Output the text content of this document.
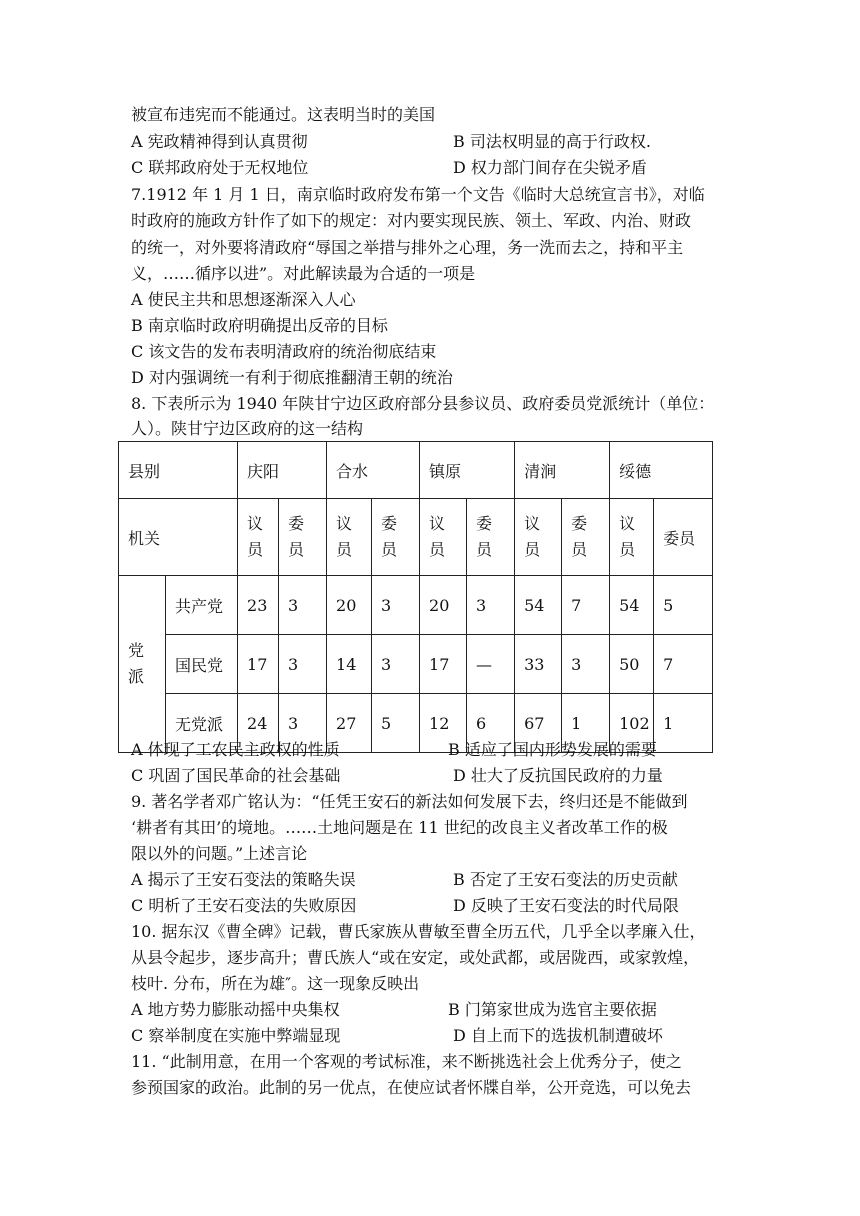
被宣布违宪而不能通过。这表明当时的美国
A 宪政精神得到认真贯彻	B 司法权明显的高于行政权.
C 联邦政府处于无权地位	D 权力部门间存在尖锐矛盾
7.1912 年 1 月 1 日，南京临时政府发布第一个文告《临时大总统宣言书》，对临
时政府的施政方针作了如下的规定：对内要实现民族、领土、军政、内治、财政
的统一，对外要将清政府“辱国之举措与排外之心理，务一洗而去之，持和平主
义，……循序以进”。对此解读最为合适的一项是
A 使民主共和思想逐渐深入人心
B 南京临时政府明确提出反帝的目标
C 该文告的发布表明清政府的统治彻底结束
D 对内强调统一有利于彻底推翻清王朝的统治
8. 下表所示为 1940 年陕甘宁边区政府部分县参议员、政府委员党派统计（单位：
人）。陕甘宁边区政府的这一结构
县别		庆阳		合水		镇原		清涧		绥德	
机关		议员	委员	议员	委员	议员	委员	议员	委员	议员	委员
党派	共产党	23	3	20	3	20	3	54	7	54	5
	国民党	17	3	14	3	17	—	33	3	50	7
	无党派	24	3	27	5	12	6	67	1	102	1
A 体现了工农民主政权的性质	B 适应了国内形势发展的需要
C 巩固了国民革命的社会基础	D 壮大了反抗国民政府的力量
9. 著名学者邓广铭认为：“任凭王安石的新法如何发展下去，终归还是不能做到
‘耕者有其田’的境地。……土地问题是在 11 世纪的改良主义者改革工作的极
限以外的问题。”上述言论
A 揭示了王安石变法的策略失误	B 否定了王安石变法的历史贡献
C 明析了王安石变法的失败原因	D 反映了王安石变法的时代局限
10. 据东汉《曹全碑》记载，曹氏家族从曹敏至曹全历五代，几乎全以孝廉入仕，
从县令起步，逐步高升；曹氏族人“或在安定，或处武都，或居陇西，或家敦煌，
枝叶. 分布，所在为雄″。这一现象反映出
A 地方势力膨胀动摇中央集权	B 门第家世成为选官主要依据
C 察举制度在实施中弊端显现	D 自上而下的选拔机制遭破坏
11. “此制用意，在用一个客观的考试标准，来不断挑选社会上优秀分子，使之
参预国家的政治。此制的另一优点，在使应试者怀牒自举，公开竞选，可以免去
